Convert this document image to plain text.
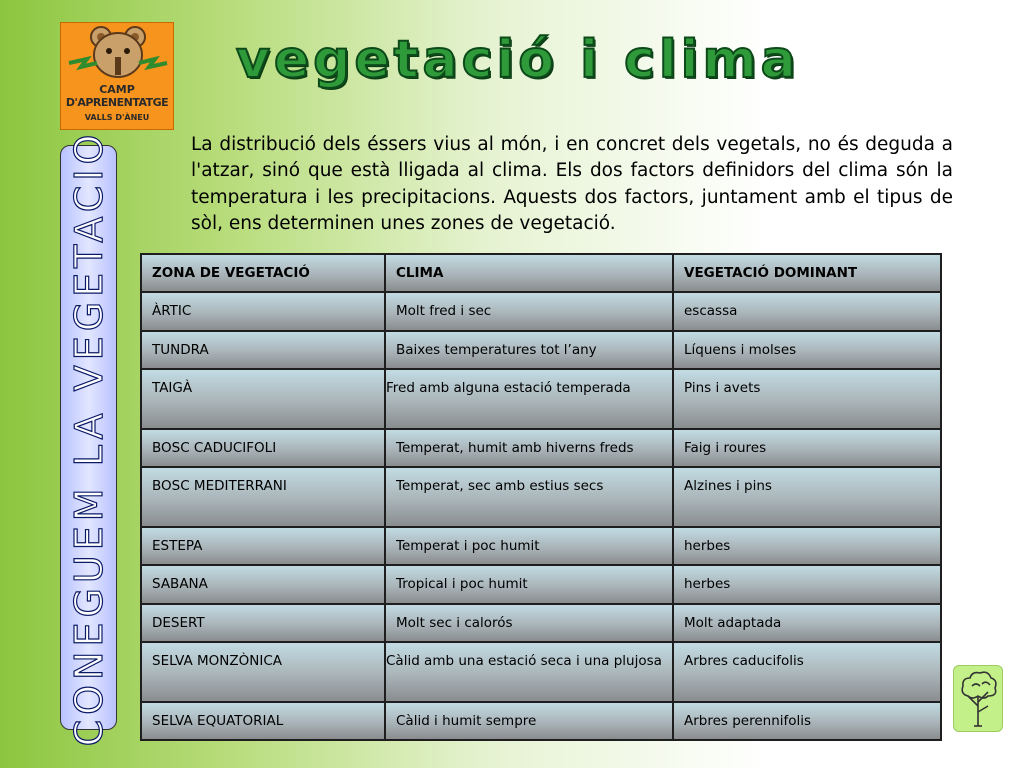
CAMP
D'APRENENTATGE
VALLS D'ÀNEU
vegetació i clima
CONEGUEM LA VEGETACIO	La distribució dels éssers vius al món, i en concret dels vegetals, no és deguda a l'atzar, sinó que està lligada al clima. Els dos factors definidors del clima són la temperatura i les precipitacions. Aquests dos factors, juntament amb el tipus de sòl, ens determinen unes zones de vegetació.

ZONA DE VEGETACIÓ	CLIMA	VEGETACIÓ DOMINANT
ÀRTIC	Molt fred i sec	escassa
TUNDRA	Baixes temperatures tot l’any	Líquens i molses
TAIGÀ	Fred amb alguna estació temperada	Pins i avets
BOSC CADUCIFOLI	Temperat, humit amb hiverns freds	Faig i roures
BOSC MEDITERRANI	Temperat, sec amb estius secs	Alzines i pins
ESTEPA	Temperat i poc humit	herbes
SABANA	Tropical i poc humit	herbes
DESERT	Molt sec i calorós	Molt adaptada
SELVA MONZÒNICA	Càlid amb una estació seca i una plujosa	Arbres caducifolis
SELVA EQUATORIAL	Càlid i humit sempre	Arbres perennifolis
